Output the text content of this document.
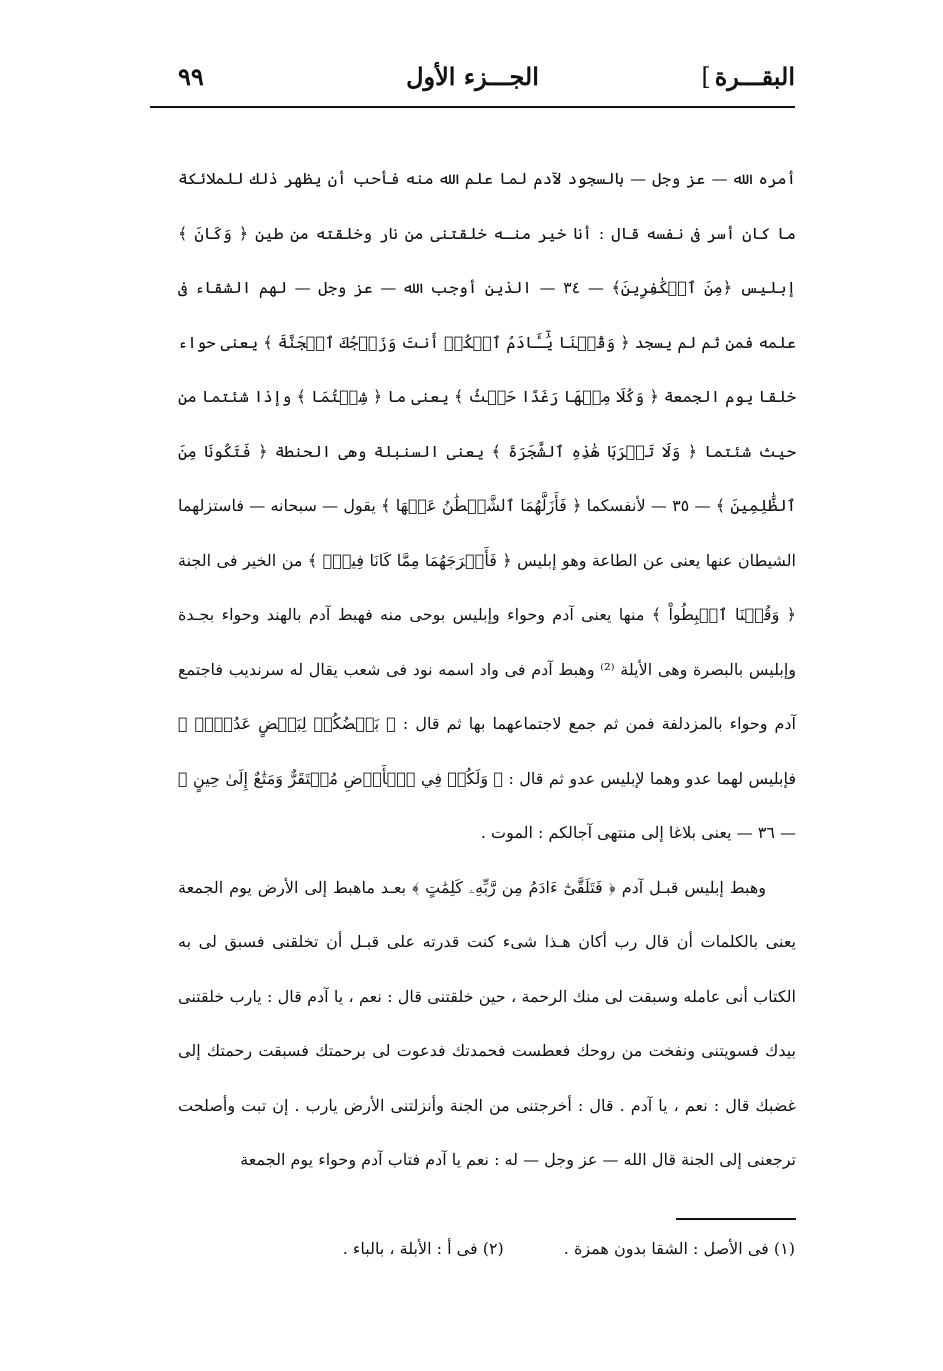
البقـــرة]
الجـــزء الأول
٩٩

أمره الله — عز وجل — بالسجود لآدم لما علم الله منه فأحب أن يظهر ذلك للملائكة ما كان أسر فى نفسه قال : أنا خير منـه خلقتنى من نار وخلقته من طين ﴿ وَكَانَ ﴾ إبليس ﴿مِنَ ٱلۡكَٰفِرِينَ﴾ — ٣٤ — الذين أوجب الله — عز وجل — لهم الشقاء فى علمه فمن ثم لم يسجد ﴿ وَقُلۡنَا يَٰٓـَٔادَمُ ٱسۡكُنۡ أَنتَ وَزَوۡجُكَ ٱلۡجَنَّةَ ﴾ يعنى حواء خلقا يوم الجمعة ﴿ وَكُلَا مِنۡهَا رَغَدًا حَيۡثُ ﴾ يعنى ما ﴿ شِئۡتُمَا ﴾ وإذا شئتما من حيث شئتما ﴿ وَلَا تَقۡرَبَا هَٰذِهِ ٱلشَّجَرَةَ ﴾ يعنى السنبلة وهى الحنطة ﴿ فَتَكُونَا مِنَ ٱلظَّٰلِمِينَ ﴾ — ٣٥ — لأنفسكما ﴿ فَأَزَلَّهُمَا ٱلشَّيۡطَٰنُ عَنۡهَا ﴾ يقول — سبحانه — فاستزلهما الشيطان عنها يعنى عن الطاعة وهو إبليس ﴿ فَأَخۡرَجَهُمَا مِمَّا كَانَا فِيهِۖ ﴾ من الخير فى الجنة ﴿ وَقُلۡنَا ٱهۡبِطُواْ ﴾ منها يعنى آدم وحواء وإبليس بوحى منه فهبط آدم بالهند وحواء بجـدة وإبليس بالبصرة وهى الأيلة ⁽²⁾ وهبط آدم فى واد اسمه نود فى شعب يقال له سرنديب فاجتمع آدم وحواء بالمزدلفة فمن ثم جمع لاجتماعهما بها ثم قال : ﴿ بَعۡضُكُمۡ لِبَعۡضٍ عَدُوٌّۖ ﴾ فإبليس لهما عدو وهما لإبليس عدو ثم قال : ﴿ وَلَكُمۡ فِي ٱلۡأَرۡضِ مُسۡتَقَرٌّ وَمَتَٰعٌ إِلَىٰ حِينٍ ﴾ — ٣٦ — يعنى بلاغا إلى منتهى آجالكم : الموت .

وهبط إبليس قبـل آدم ﴿ فَتَلَقَّىٰٓ ءَادَمُ مِن رَّبِّهِۦ كَلِمَٰتٍ ﴾ بعـد ماهبط إلى الأرض يوم الجمعة يعنى بالكلمات أن قال رب أكان هـذا شىء كنت قدرته على قبـل أن تخلقنى فسبق لى به الكتاب أنى عامله وسبقت لى منك الرحمة ، حين خلقتنى قال : نعم ، يا آدم قال : يارب خلقتنى بيدك فسويتنى ونفخت من روحك فعطست فحمدتك فدعوت لى برحمتك فسبقت رحمتك إلى غضبك قال : نعم ، يا آدم . قال : أخرجتنى من الجنة وأنزلتنى الأرض يارب . إن تبت وأصلحت ترجعنى إلى الجنة قال الله — عز وجل — له : نعم يا آدم فتاب آدم وحواء يوم الجمعة

(١) فى الأصل : الشقا بدون همزة .(٢) فى أ : الأبلة ، بالباء .
